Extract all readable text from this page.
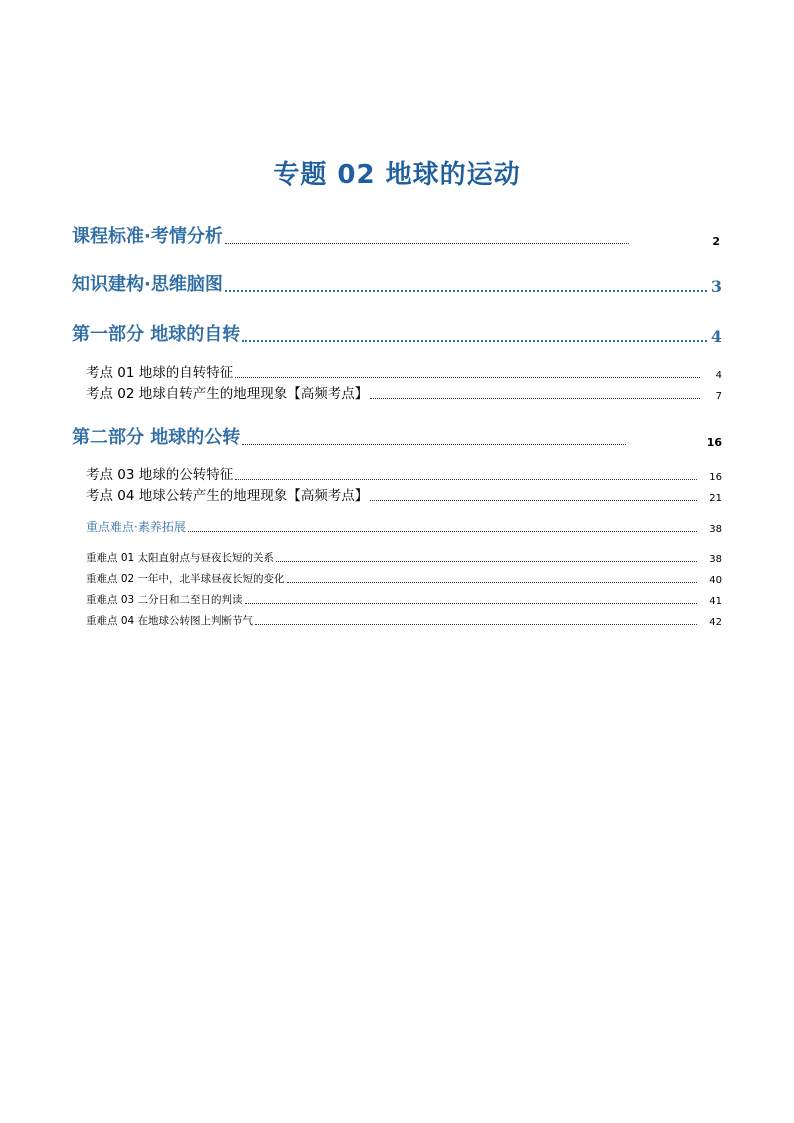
专题 02 地球的运动
课程标准·考情分析	2
知识建构·思维脑图	3
第一部分 地球的自转	4
考点 01 地球的自转特征	4
考点 02 地球自转产生的地理现象【高频考点】	7
第二部分 地球的公转	16
考点 03 地球的公转特征	16
考点 04 地球公转产生的地理现象【高频考点】	21
重点难点·素养拓展	38
重难点 01 太阳直射点与昼夜长短的关系	38
重难点 02 一年中，北半球昼夜长短的变化	40
重难点 03 二分日和二至日的判读	41
重难点 04 在地球公转图上判断节气	42
